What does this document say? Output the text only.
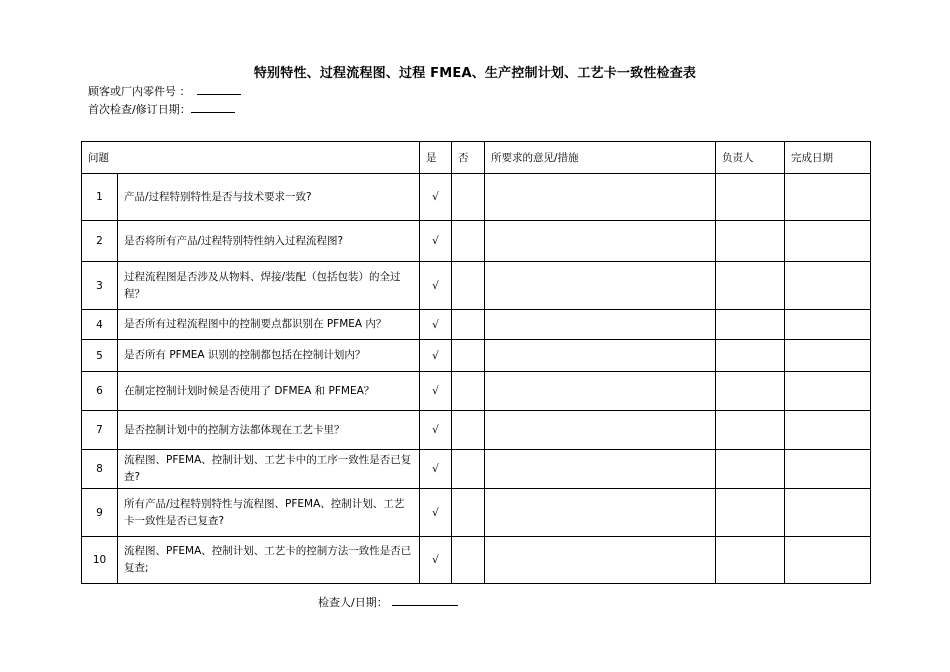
特别特性、过程流程图、过程 FMEA、生产控制计划、工艺卡一致性检查表
顾客或厂内零件号 ：
首次检查/修订日期：
问题		是	否	所要求的意见/措施	负责人	完成日期
1	产品/过程特别特性是否与技术要求一致?	√				
2	是否将所有产品/过程特别特性纳入过程流程图?	√				
3	过程流程图是否涉及从物料、焊接/装配（包括包装）的全过程？	√				
4	是否所有过程流程图中的控制要点都识别在 PFMEA 内？	√				
5	是否所有 PFMEA 识别的控制都包括在控制计划内？	√				
6	在制定控制计划时候是否使用了 DFMEA 和 PFMEA？	√				
7	是否控制计划中的控制方法都体现在工艺卡里？	√				
8	流程图、PFEMA、控制计划、工艺卡中的工序一致性是否已复查?	√				
9	所有产品/过程特别特性与流程图、PFEMA、控制计划、工艺卡一致性是否已复查?	√				
10	流程图、PFEMA、控制计划、工艺卡的控制方法一致性是否已复查;	√				
检查人/日期：
